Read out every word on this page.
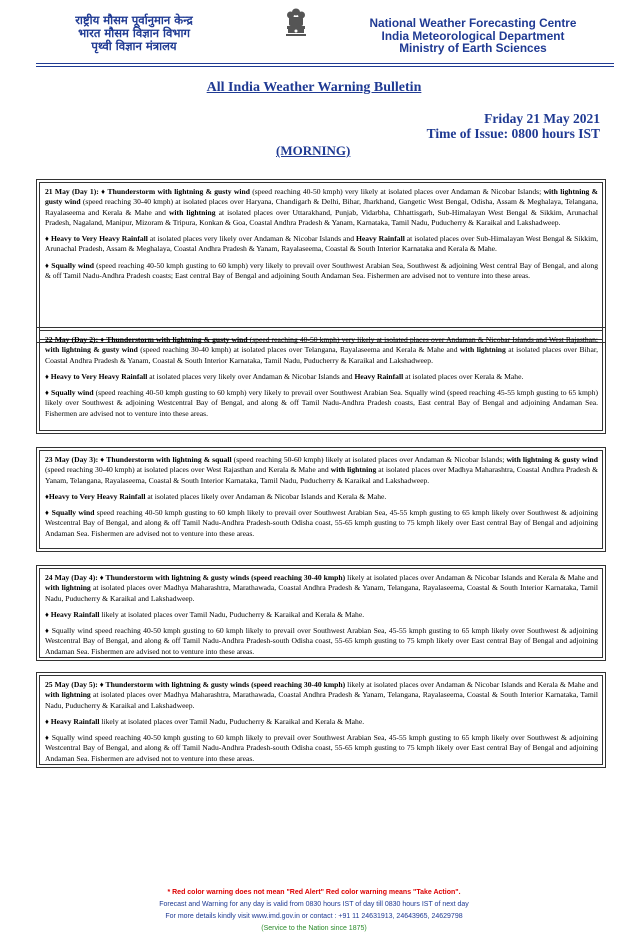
राष्ट्रीय मौसम पूर्वानुमान केन्द्र
भारत मौसम विज्ञान विभाग
पृथ्वी विज्ञान मंत्रालय
National Weather Forecasting Centre
India Meteorological Department
Ministry of Earth Sciences
All India Weather Warning Bulletin
Friday 21 May 2021
Time of Issue: 0800 hours IST
(MORNING)

21 May (Day 1): ♦ Thunderstorm with lightning & gusty wind (speed reaching 40-50 kmph) very likely at isolated places over Andaman & Nicobar Islands; with lightning & gusty wind (speed reaching 30-40 kmph) at isolated places over Haryana, Chandigarh & Delhi, Bihar, Jharkhand, Gangetic West Bengal, Odisha, Assam & Meghalaya, Telangana, Rayalaseema and Kerala & Mahe and with lightning at isolated places over Uttarakhand, Punjab, Vidarbha, Chhattisgarh, Sub-Himalayan West Bengal & Sikkim, Arunachal Pradesh, Nagaland, Manipur, Mizoram & Tripura, Konkan & Goa, Coastal Andhra Pradesh & Yanam, Karnataka, Tamil Nadu, Puducherry & Karaikal and Lakshadweep.

♦ Heavy to Very Heavy Rainfall at isolated places very likely over Andaman & Nicobar Islands and Heavy Rainfall at isolated places over Sub-Himalayan West Bengal & Sikkim, Arunachal Pradesh, Assam & Meghalaya, Coastal Andhra Pradesh & Yanam, Rayalaseema, Coastal & South Interior Karnataka and Kerala & Mahe.

♦ Squally wind (speed reaching 40-50 kmph gusting to 60 kmph) very likely to prevail over Southwest Arabian Sea, Southwest & adjoining West central Bay of Bengal, and along & off Tamil Nadu-Andhra Pradesh coasts; East central Bay of Bengal and adjoining South Andaman Sea. Fishermen are advised not to venture into these areas.

22 May (Day 2): ♦ Thunderstorm with lightning & gusty wind (speed reaching 40-50 kmph) very likely at isolated places over Andaman & Nicobar Islands and West Rajasthan; with lightning & gusty wind (speed reaching 30-40 kmph) at isolated places over Telangana, Rayalaseema and Kerala & Mahe and with lightning at isolated places over Bihar, Coastal Andhra Pradesh & Yanam, Coastal & South Interior Karnataka, Tamil Nadu, Puducherry & Karaikal and Lakshadweep.

♦ Heavy to Very Heavy Rainfall at isolated places very likely over Andaman & Nicobar Islands and Heavy Rainfall at isolated places over Kerala & Mahe.

♦ Squally wind (speed reaching 40-50 kmph gusting to 60 kmph) very likely to prevail over Southwest Arabian Sea. Squally wind (speed reaching 45-55 kmph gusting to 65 kmph) likely over Southwest & adjoining Westcentral Bay of Bengal, and along & off Tamil Nadu-Andhra Pradesh coasts, East central Bay of Bengal and adjoining Andaman Sea. Fishermen are advised not to venture into these areas.

23 May (Day 3): ♦ Thunderstorm with lightning & squall (speed reaching 50-60 kmph) likely at isolated places over Andaman & Nicobar Islands; with lightning & gusty wind (speed reaching 30-40 kmph) at isolated places over West Rajasthan and Kerala & Mahe and with lightning at isolated places over Madhya Maharashtra, Coastal Andhra Pradesh & Yanam, Telangana, Rayalaseema, Coastal & South Interior Karnataka, Tamil Nadu, Puducherry & Karaikal and Lakshadweep.

♦Heavy to Very Heavy Rainfall at isolated places likely over Andaman & Nicobar Islands and Kerala & Mahe.

♦ Squally wind speed reaching 40-50 kmph gusting to 60 kmph likely to prevail over Southwest Arabian Sea, 45-55 kmph gusting to 65 kmph likely over Southwest & adjoining Westcentral Bay of Bengal, and along & off Tamil Nadu-Andhra Pradesh-south Odisha coast, 55-65 kmph gusting to 75 kmph likely over East central Bay of Bengal and adjoining Andaman Sea. Fishermen are advised not to venture into these areas.

24 May (Day 4): ♦ Thunderstorm with lightning & gusty winds (speed reaching 30-40 kmph) likely at isolated places over Andaman & Nicobar Islands and Kerala & Mahe and with lightning at isolated places over Madhya Maharashtra, Marathawada, Coastal Andhra Pradesh & Yanam, Telangana, Rayalaseema, Coastal & South Interior Karnataka, Tamil Nadu, Puducherry & Karaikal and Lakshadweep.

♦ Heavy Rainfall likely at isolated places over Tamil Nadu, Puducherry & Karaikal and Kerala & Mahe.

♦ Squally wind speed reaching 40-50 kmph gusting to 60 kmph likely to prevail over Southwest Arabian Sea, 45-55 kmph gusting to 65 kmph likely over Southwest & adjoining Westcentral Bay of Bengal, and along & off Tamil Nadu-Andhra Pradesh-south Odisha coast, 55-65 kmph gusting to 75 kmph likely over East central Bay of Bengal and adjoining Andaman Sea. Fishermen are advised not to venture into these areas.

25 May (Day 5): ♦ Thunderstorm with lightning & gusty winds (speed reaching 30-40 kmph) likely at isolated places over Andaman & Nicobar Islands and Kerala & Mahe and with lightning at isolated places over Madhya Maharashtra, Marathawada, Coastal Andhra Pradesh & Yanam, Telangana, Rayalaseema, Coastal & South Interior Karnataka, Tamil Nadu, Puducherry & Karaikal and Lakshadweep.

♦ Heavy Rainfall likely at isolated places over Tamil Nadu, Puducherry & Karaikal and Kerala & Mahe.

♦ Squally wind speed reaching 40-50 kmph gusting to 60 kmph likely to prevail over Southwest Arabian Sea, 45-55 kmph gusting to 65 kmph likely over Southwest & adjoining Westcentral Bay of Bengal, and along & off Tamil Nadu-Andhra Pradesh-south Odisha coast, 55-65 kmph gusting to 75 kmph likely over East central Bay of Bengal and adjoining Andaman Sea. Fishermen are advised not to venture into these areas.

* Red color warning does not mean "Red Alert" Red color warning means "Take Action".
Forecast and Warning for any day is valid from 0830 hours IST of day till 0830 hours IST of next day
For more details kindly visit www.imd.gov.in or contact : +91 11 24631913, 24643965, 24629798
(Service to the Nation since 1875)
